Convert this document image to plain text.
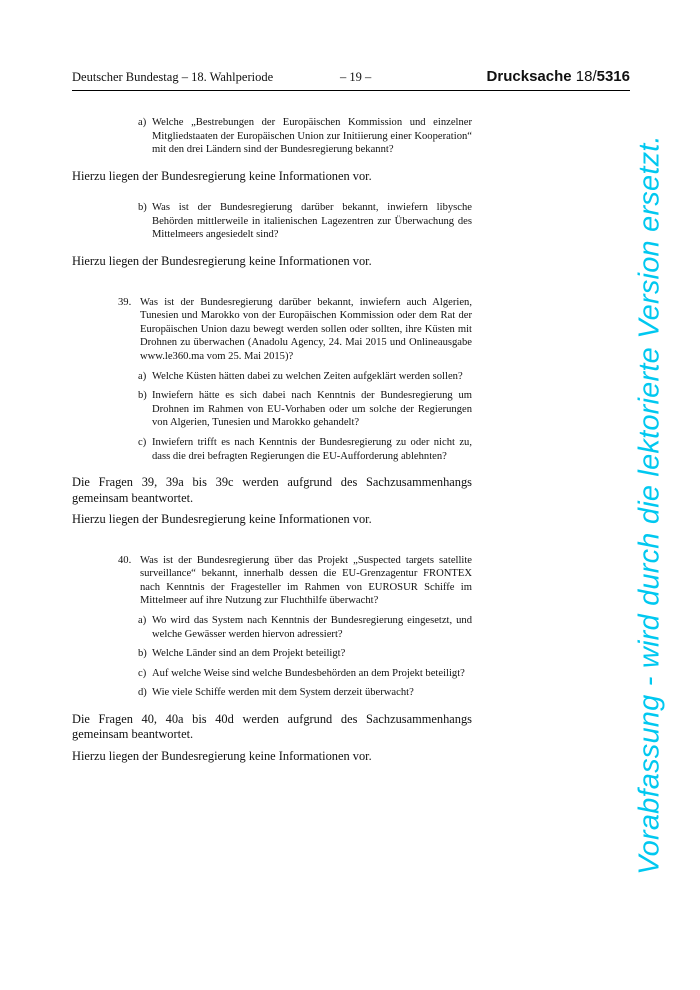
Deutscher Bundestag – 18. Wahlperiode	– 19 –	Drucksache 18/5316
a) Welche „Bestrebungen der Europäischen Kommission und einzelner Mitgliedstaaten der Europäischen Union zur Initiierung einer Kooperation“ mit den drei Ländern sind der Bundesregierung bekannt?
Hierzu liegen der Bundesregierung keine Informationen vor.
b) Was ist der Bundesregierung darüber bekannt, inwiefern libysche Behörden mittlerweile in italienischen Lagezentren zur Überwachung des Mittelmeers angesiedelt sind?
Hierzu liegen der Bundesregierung keine Informationen vor.
39. Was ist der Bundesregierung darüber bekannt, inwiefern auch Algerien, Tunesien und Marokko von der Europäischen Kommission oder dem Rat der Europäischen Union dazu bewegt werden sollen oder sollten, ihre Küsten mit Drohnen zu überwachen (Anadolu Agency, 24. Mai 2015 und Onlineausgabe www.le360.ma vom 25. Mai 2015)?
a) Welche Küsten hätten dabei zu welchen Zeiten aufgeklärt werden sollen?
b) Inwiefern hätte es sich dabei nach Kenntnis der Bundesregierung um Drohnen im Rahmen von EU-Vorhaben oder um solche der Regierungen von Algerien, Tunesien und Marokko gehandelt?
c) Inwiefern trifft es nach Kenntnis der Bundesregierung zu oder nicht zu, dass die drei befragten Regierungen die EU-Aufforderung ablehnten?
Die Fragen 39, 39a bis 39c werden aufgrund des Sachzusammenhangs gemeinsam beantwortet.
Hierzu liegen der Bundesregierung keine Informationen vor.
40. Was ist der Bundesregierung über das Projekt „Suspected targets satellite surveillance“ bekannt, innerhalb dessen die EU-Grenzagentur FRONTEX nach Kenntnis der Fragesteller im Rahmen von EUROSUR Schiffe im Mittelmeer auf ihre Nutzung zur Fluchthilfe überwacht?
a) Wo wird das System nach Kenntnis der Bundesregierung eingesetzt, und welche Gewässer werden hiervon adressiert?
b) Welche Länder sind an dem Projekt beteiligt?
c) Auf welche Weise sind welche Bundesbehörden an dem Projekt beteiligt?
d) Wie viele Schiffe werden mit dem System derzeit überwacht?
Die Fragen 40, 40a bis 40d werden aufgrund des Sachzusammenhangs gemeinsam beantwortet.
Hierzu liegen der Bundesregierung keine Informationen vor.	Vorabfassung - wird durch die lektorierte Version ersetzt.
